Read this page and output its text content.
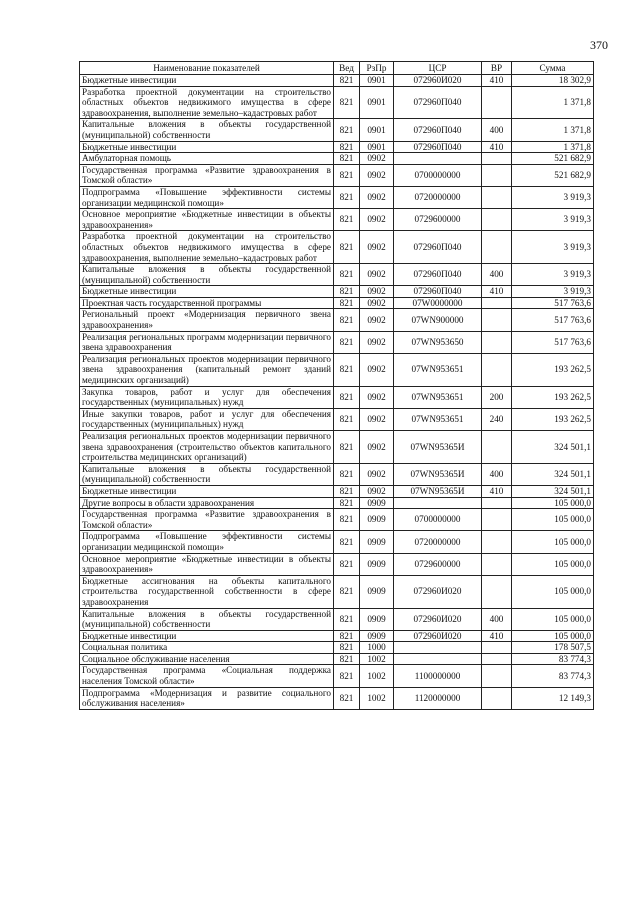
370
Наименование показателей	Вед	РзПр	ЦСР	ВР	Сумма
Бюджетные инвестиции	821	0901	072960И020	410	18 302,9
Разработка проектной документации на строительство областных объектов недвижимого имущества в сфере здравоохранения, выполнение земельно–кадастровых работ	821	0901	072960П040		1 371,8
Капитальные вложения в объекты государственной (муниципальной) собственности	821	0901	072960П040	400	1 371,8
Бюджетные инвестиции	821	0901	072960П040	410	1 371,8
Амбулаторная помощь	821	0902			521 682,9
Государственная программа «Развитие здравоохранения в Томской области»	821	0902	0700000000		521 682,9
Подпрограмма «Повышение эффективности системы организации медицинской помощи»	821	0902	0720000000		3 919,3
Основное мероприятие «Бюджетные инвестиции в объекты здравоохранения»	821	0902	0729600000		3 919,3
Разработка проектной документации на строительство областных объектов недвижимого имущества в сфере здравоохранения, выполнение земельно–кадастровых работ	821	0902	072960П040		3 919,3
Капитальные вложения в объекты государственной (муниципальной) собственности	821	0902	072960П040	400	3 919,3
Бюджетные инвестиции	821	0902	072960П040	410	3 919,3
Проектная часть государственной программы	821	0902	07W0000000		517 763,6
Региональный проект «Модернизация первичного звена здравоохранения»	821	0902	07WN900000		517 763,6
Реализация региональных программ модернизации первичного звена здравоохранения	821	0902	07WN953650		517 763,6
Реализация региональных проектов модернизации первичного звена здравоохранения (капитальный ремонт зданий медицинских организаций)	821	0902	07WN953651		193 262,5
Закупка товаров, работ и услуг для обеспечения государственных (муниципальных) нужд	821	0902	07WN953651	200	193 262,5
Иные закупки товаров, работ и услуг для обеспечения государственных (муниципальных) нужд	821	0902	07WN953651	240	193 262,5
Реализация региональных проектов модернизации первичного звена здравоохранения (строительство объектов капитального строительства медицинских организаций)	821	0902	07WN95365И		324 501,1
Капитальные вложения в объекты государственной (муниципальной) собственности	821	0902	07WN95365И	400	324 501,1
Бюджетные инвестиции	821	0902	07WN95365И	410	324 501,1
Другие вопросы в области здравоохранения	821	0909			105 000,0
Государственная программа «Развитие здравоохранения в Томской области»	821	0909	0700000000		105 000,0
Подпрограмма «Повышение эффективности системы организации медицинской помощи»	821	0909	0720000000		105 000,0
Основное мероприятие «Бюджетные инвестиции в объекты здравоохранения»	821	0909	0729600000		105 000,0
Бюджетные ассигнования на объекты капитального строительства государственной собственности в сфере здравоохранения	821	0909	072960И020		105 000,0
Капитальные вложения в объекты государственной (муниципальной) собственности	821	0909	072960И020	400	105 000,0
Бюджетные инвестиции	821	0909	072960И020	410	105 000,0
Социальная политика	821	1000			178 507,5
Социальное обслуживание населения	821	1002			83 774,3
Государственная программа «Социальная поддержка населения Томской области»	821	1002	1100000000		83 774,3
Подпрограмма «Модернизация и развитие социального обслуживания населения»	821	1002	1120000000		12 149,3
